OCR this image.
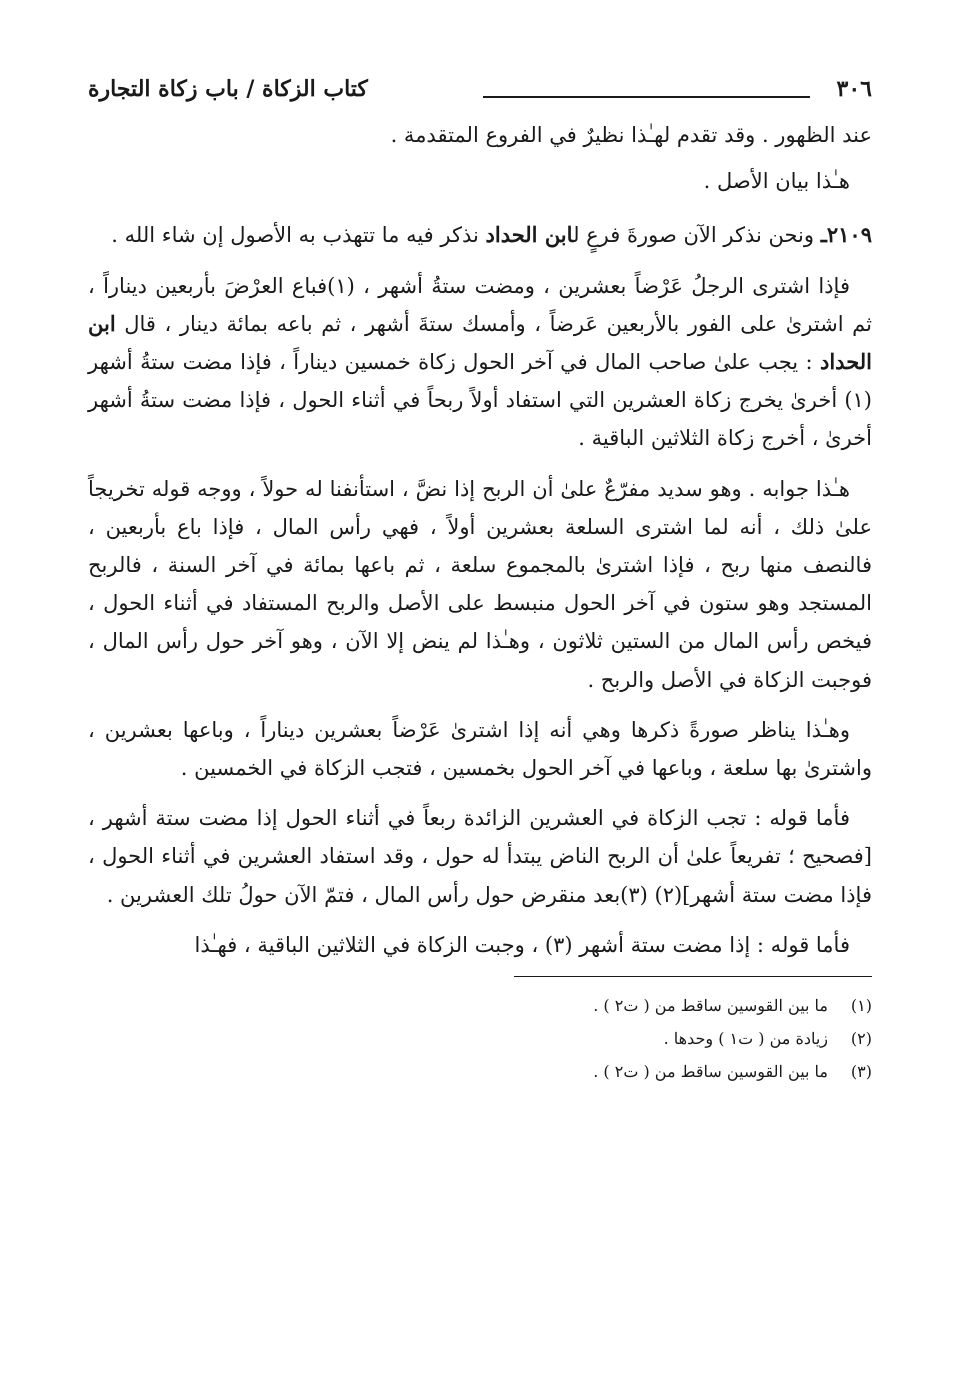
٣٠٦
كتاب الزكاة / باب زكاة التجارة

عند الظهور . وقد تقدم لهـٰذا نظيرٌ في الفروع المتقدمة .

هـٰذا بيان الأصل .

٢١٠٩ـ ونحن نذكر الآن صورةَ فرعٍ لابن الحداد نذكر فيه ما تتهذب به الأصول إن شاء الله .

فإذا اشترى الرجلُ عَرْضاً بعشرين ، ومضت ستةُ أشهر ، (١)فباع العرْضَ بأربعين ديناراً ، ثم اشترىٰ على الفور بالأربعين عَرضاً ، وأمسك ستةَ أشهر ، ثم باعه بمائة دينار ، قال ابن الحداد : يجب علىٰ صاحب المال في آخر الحول زكاة خمسين ديناراً ، فإذا مضت ستةُ أشهر (١) أخرىٰ يخرج زكاة العشرين التي استفاد أولاً ربحاً في أثناء الحول ، فإذا مضت ستةُ أشهر أخرىٰ ، أخرج زكاة الثلاثين الباقية .

هـٰذا جوابه . وهو سديد مفرّعٌ علىٰ أن الربح إذا نضَّ ، استأنفنا له حولاً ، ووجه قوله تخريجاً علىٰ ذلك ، أنه لما اشترى السلعة بعشرين أولاً ، فهي رأس المال ، فإذا باع بأربعين ، فالنصف منها ربح ، فإذا اشترىٰ بالمجموع سلعة ، ثم باعها بمائة في آخر السنة ، فالربح المستجد وهو ستون في آخر الحول منبسط على الأصل والربح المستفاد في أثناء الحول ، فيخص رأس المال من الستين ثلاثون ، وهـٰذا لم ينض إلا الآن ، وهو آخر حول رأس المال ، فوجبت الزكاة في الأصل والربح .

وهـٰذا يناظر صورةً ذكرها وهي أنه إذا اشترىٰ عَرْضاً بعشرين ديناراً ، وباعها بعشرين ، واشترىٰ بها سلعة ، وباعها في آخر الحول بخمسين ، فتجب الزكاة في الخمسين .

فأما قوله : تجب الزكاة في العشرين الزائدة ربعاً في أثناء الحول إذا مضت ستة أشهر ، [فصحيح ؛ تفريعاً علىٰ أن الربح الناض يبتدأ له حول ، وقد استفاد العشرين في أثناء الحول ، فإذا مضت ستة أشهر](٢) (٣)بعد منقرض حول رأس المال ، فتمّ الآن حولُ تلك العشرين .

فأما قوله : إذا مضت ستة أشهر (٣) ، وجبت الزكاة في الثلاثين الباقية ، فهـٰذا

(١)
ما بين القوسين ساقط من ( ت٢ ) .
(٢)
زيادة من ( ت١ ) وحدها .
(٣)
ما بين القوسين ساقط من ( ت٢ ) .
